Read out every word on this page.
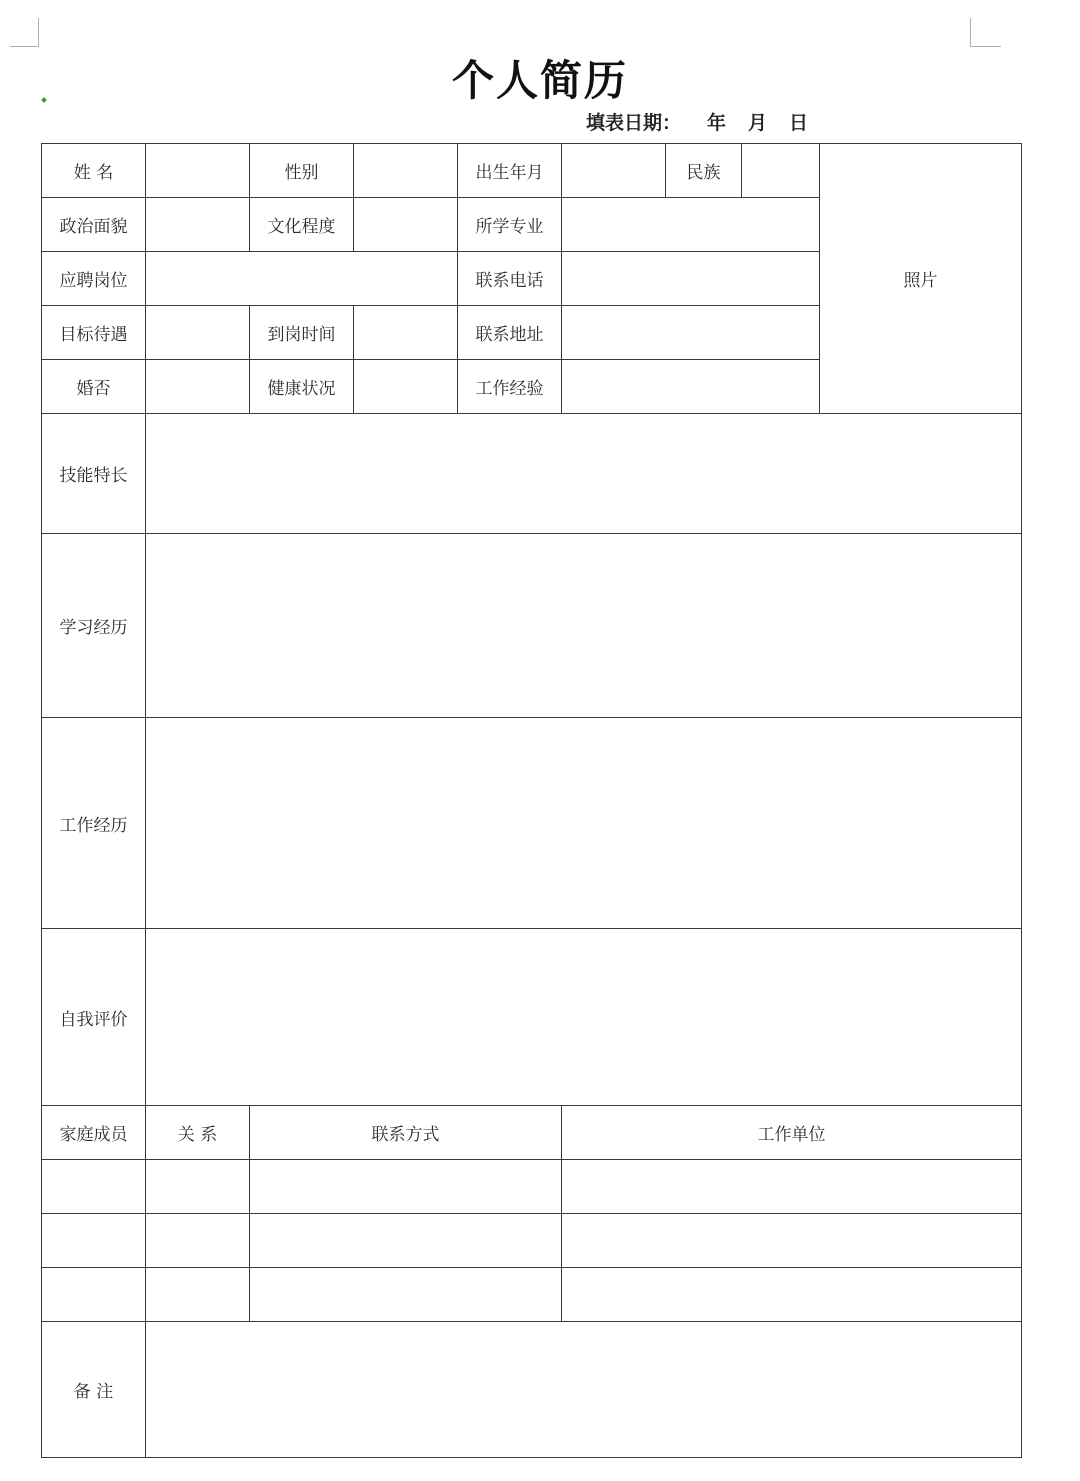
个人简历
填表日期： 年 月 日
姓 名		性别		出生年月		民族		照片
政治面貌		文化程度		所学专业				
应聘岗位				联系电话				
目标待遇		到岗时间		联系地址				
婚否		健康状况		工作经验				
技能特长								
学习经历								
工作经历								
自我评价								
家庭成员	关 系	联系方式			工作单位			

备 注								
